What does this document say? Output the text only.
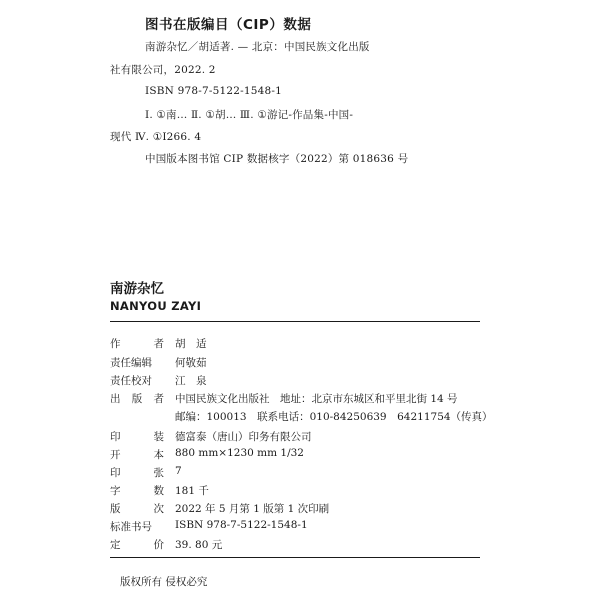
图书在版编目（CIP）数据
南游杂忆／胡适著. — 北京：中国民族文化出版
社有限公司，2022. 2
ISBN 978-7-5122-1548-1
Ⅰ. ①南… Ⅱ. ①胡… Ⅲ. ①游记-作品集-中国-
现代 Ⅳ. ①I266. 4
中国版本图书馆 CIP 数据核字（2022）第 018636 号
南游杂忆
NANYOU ZAYI
作	者 胡　适
责任编辑	何敬茹
责任校对	江　泉
出 版 者 中国民族文化出版社　地址：北京市东城区和平里北街 14 号
邮编：100013　联系电话：010-84250639　64211754（传真）
印	装 德富泰（唐山）印务有限公司
开	本 880 mm×1230 mm 1/32
印	张 7
字	数 181 千
版	次 2022 年 5 月第 1 版第 1 次印刷
标准书号	ISBN 978-7-5122-1548-1
定	价 39. 80 元
版权所有 侵权必究
